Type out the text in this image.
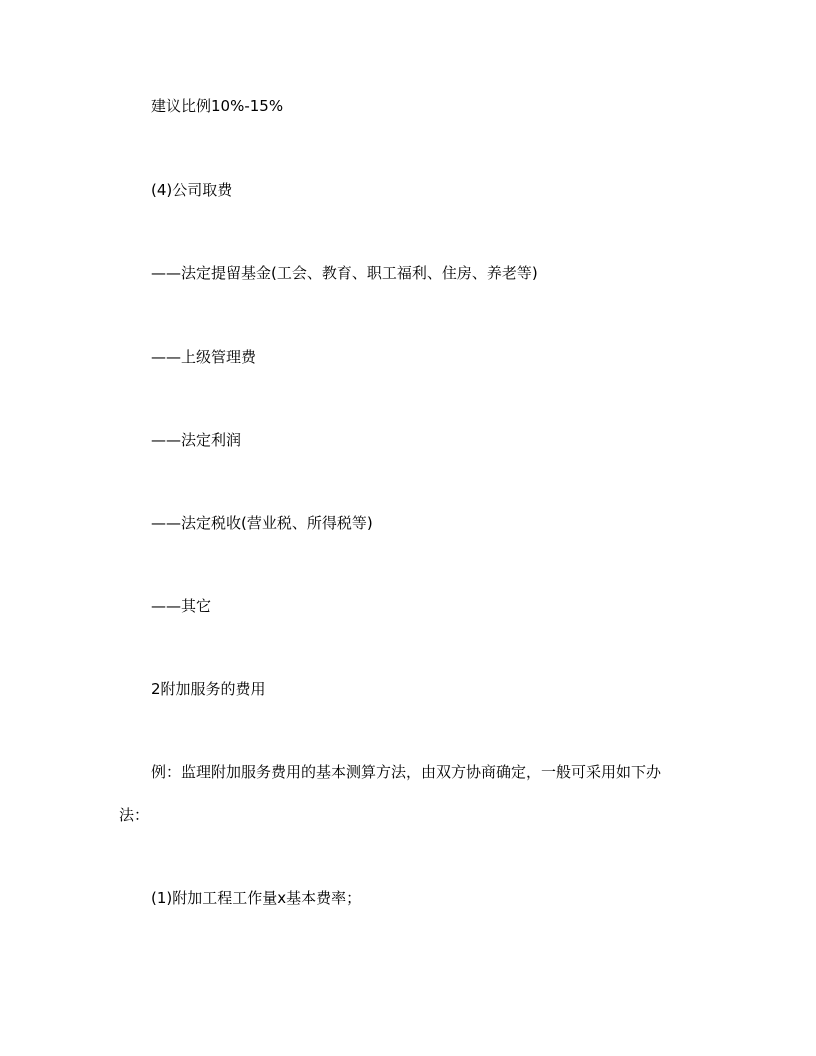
建议比例10%-15%
(4)公司取费
——法定提留基金(工会、教育、职工福利、住房、养老等)
——上级管理费
——法定利润
——法定税收(营业税、所得税等)
——其它
2附加服务的费用
例：监理附加服务费用的基本测算方法，由双方协商确定，一般可采用如下办
法：
(1)附加工程工作量x基本费率；
